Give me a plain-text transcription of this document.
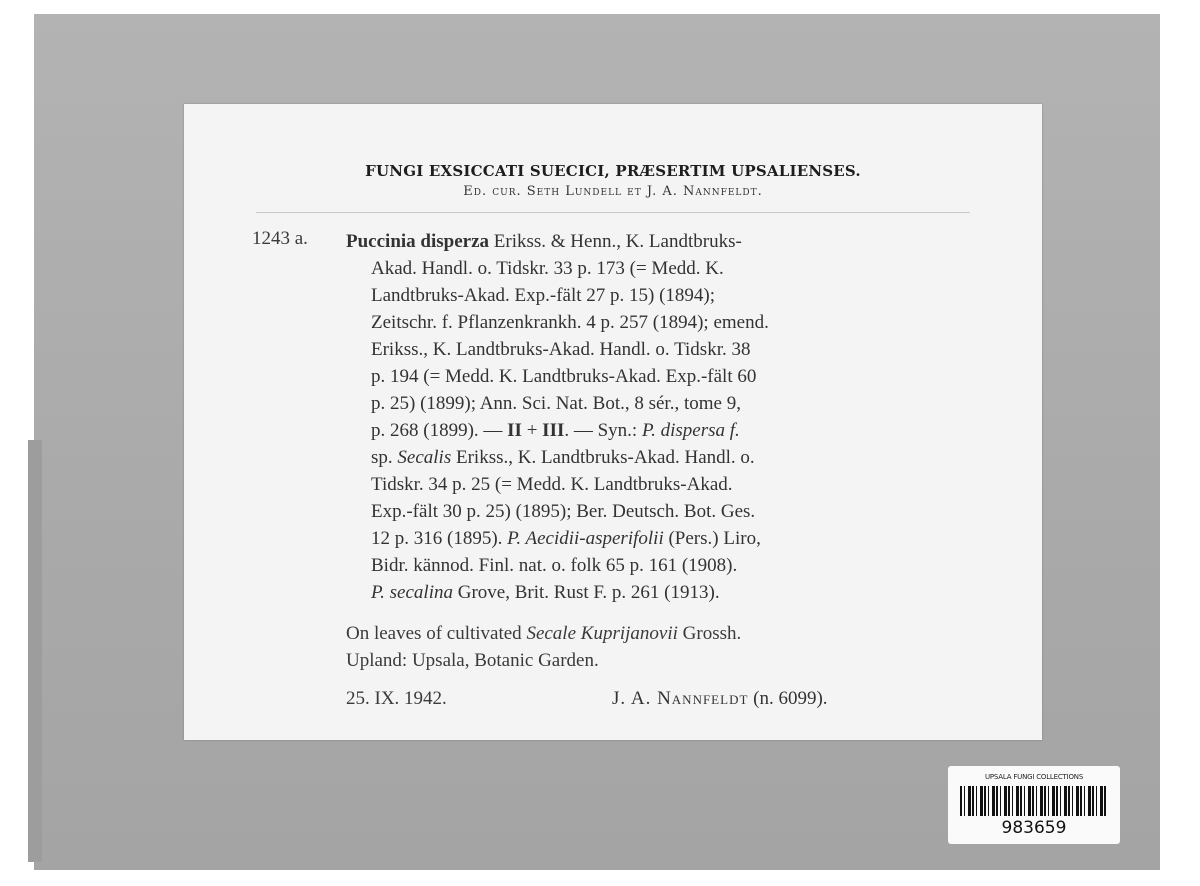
FUNGI EXSICCATI SUECICI, PRÆSERTIM UPSALIENSES.
Ed. cur. Seth Lundell et J. A. Nannfeldt.
1243 a. Puccinia disperza Erikss. & Henn., K. Landtbruks-
Akad. Handl. o. Tidskr. 33 p. 173 (= Medd. K.
Landtbruks-Akad. Exp.-fält 27 p. 15) (1894);
Zeitschr. f. Pflanzenkrankh. 4 p. 257 (1894); emend.
Erikss., K. Landtbruks-Akad. Handl. o. Tidskr. 38
p. 194 (= Medd. K. Landtbruks-Akad. Exp.-fält 60
p. 25) (1899); Ann. Sci. Nat. Bot., 8 sér., tome 9,
p. 268 (1899). — II + III. — Syn.: P. dispersa f.
sp. Secalis Erikss., K. Landtbruks-Akad. Handl. o.
Tidskr. 34 p. 25 (= Medd. K. Landtbruks-Akad.
Exp.-fält 30 p. 25) (1895); Ber. Deutsch. Bot. Ges.
12 p. 316 (1895). P. Aecidii-asperifolii (Pers.) Liro,
Bidr. kännod. Finl. nat. o. folk 65 p. 161 (1908).
P. secalina Grove, Brit. Rust F. p. 261 (1913).
On leaves of cultivated Secale Kuprijanovii Grossh.
Upland: Upsala, Botanic Garden.
25. IX. 1942.	J. A. Nannfeldt (n. 6099).
UPSALA FUNGI COLLECTIONS
983659
